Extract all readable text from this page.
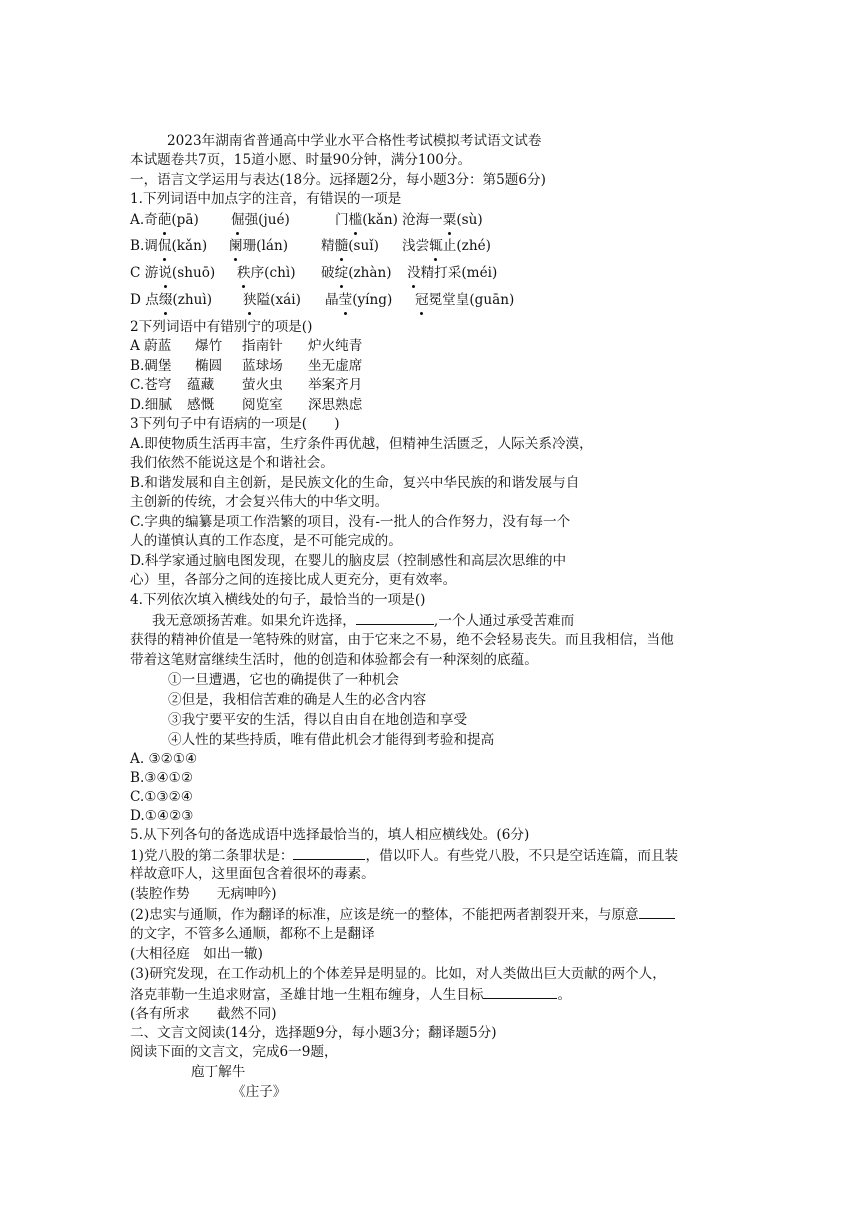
2023年湖南省普通高中学业水平合格性考试模拟考试语文试卷
本试题卷共7页，15道小愿、时量90分钟，满分100分。
一，语言文学运用与表达(18分。远择题2分，每小题3分：第5题6分)
1.下列词语中加点字的注音，有错误的一项是
A.奇葩(pā) 倔强(jué)	门槛(kǎn) 沧海一粟(sù)
B.调侃(kǎn) 阑珊(lán) 精髓(suǐ) 浅尝辄止(zhé)
C 游说(shuō) 秩序(chì) 破绽(zhàn) 没精打采(méi)
D 点缀(zhuì) 狭隘(xái) 晶莹(yíng) 冠冕堂皇(guān)
2下列词语中有错别宁的项是()
A 蔚蓝 爆竹 指南针 炉火纯青
B.碉堡 椭圆 蓝球场 坐无虚席
C.苍穹 蕴藏 萤火虫 举案齐月
D.细腻 感慨 阅览室 深思熟虑
3下列句子中有语病的一项是(　　)
A.即使物质生活再丰富，生疗条件再优越，但精神生活匮乏，人际关系冷漠，
我们依然不能说这是个和谐社会。
B.和谐发展和自主创新，是民族文化的生命，复兴中华民族的和谐发展与自
主创新的传统，才会复兴伟大的中华文明。
C.字典的编纂是项工作浩繁的项目，没有-一批人的合作努力，没有每一个
人的谨慎认真的工作态度，是不可能完成的。
D.科学家通过脑电图发现，在婴儿的脑皮层（控制感性和高层次思维的中
心）里，各部分之间的连接比成人更充分，更有效率。
4.下列依次填入横线处的句子，最恰当的一项是()
我无意颂扬苦难。如果允许选择，	,一个人通过承受苦难而
获得的精神价值是一笔特殊的财富，由于它来之不易，绝不会轻易丧失。而且我相信，当他
带着这笔财富继续生活时，他的创造和体验都会有一种深刻的底蕴。
①一旦遭遇，它也的确提供了一种机会
②但是，我相信苦难的确是人生的必含内容
③我宁要平安的生活，得以自由自在地创造和享受
④人性的某些持质，唯有借此机会才能得到考验和提高
A. ③②①④
B.③④①②
C.①③②④
D.①④②③
5.从下列各句的备选成语中选择最恰当的，填人相应横线处。(6分)
1)党八股的第二条罪状是：	，借以吓人。有些党八股，不只是空话连篇，而且装
样故意吓人，这里面包含着很坏的毒素。
(装腔作势　　无病呻吟)
(2)忠实与通顺，作为翻译的标准，应该是统一的整体，不能把两者割裂开来，与原意
的文字，不管多么通顺，都称不上是翻译
(大相径庭　如出一辙)
(3)研究发现，在工作动机上的个体差异是明显的。比如，对人类做出巨大贡献的两个人，
洛克菲勒一生追求财富，圣雄甘地一生粗布缠身，人生目标	。
(各有所求　　截然不同)
二、文言文阅读(14分，选择题9分，每小题3分；翻译题5分)
阅读下面的文言文，完成6一9题，
庖丁解牛
《庄子》
